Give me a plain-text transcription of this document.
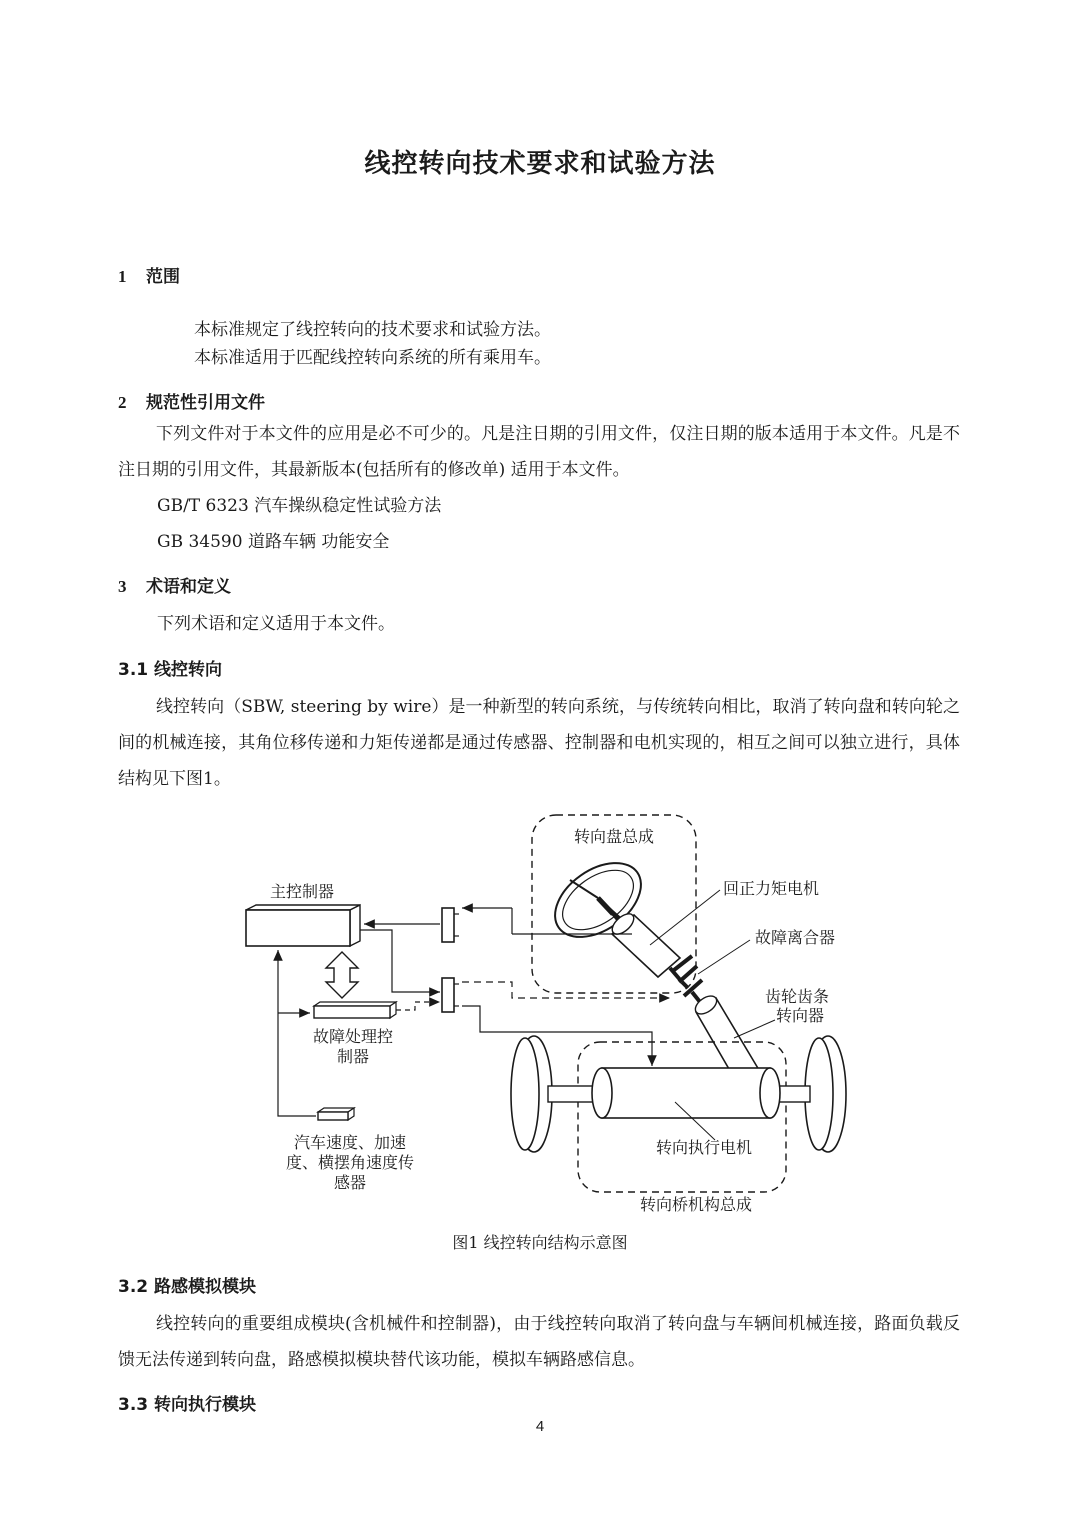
线控转向技术要求和试验方法
1 范围
本标准规定了线控转向的技术要求和试验方法。
本标准适用于匹配线控转向系统的所有乘用车。
2 规范性引用文件
下列文件对于本文件的应用是必不可少的。凡是注日期的引用文件，仅注日期的版本适用于本文件。凡是不注日期的引用文件，其最新版本(包括所有的修改单) 适用于本文件。
GB/T 6323 汽车操纵稳定性试验方法
GB 34590 道路车辆 功能安全
3 术语和定义
下列术语和定义适用于本文件。
3.1 线控转向
线控转向（SBW, steering by wire）是一种新型的转向系统，与传统转向相比，取消了转向盘和转向轮之间的机械连接，其角位移传递和力矩传递都是通过传感器、控制器和电机实现的，相互之间可以独立进行，具体结构见下图1。
转向盘总成
回正力矩电机
故障离合器
齿轮齿条
转向器
主控制器
故障处理控
制器
汽车速度、加速
度、横摆角速度传
感器
转向执行电机
转向桥机构总成
图1 线控转向结构示意图
3.2 路感模拟模块
线控转向的重要组成模块(含机械件和控制器)，由于线控转向取消了转向盘与车辆间机械连接，路面负载反馈无法传递到转向盘，路感模拟模块替代该功能，模拟车辆路感信息。
3.3 转向执行模块
4
